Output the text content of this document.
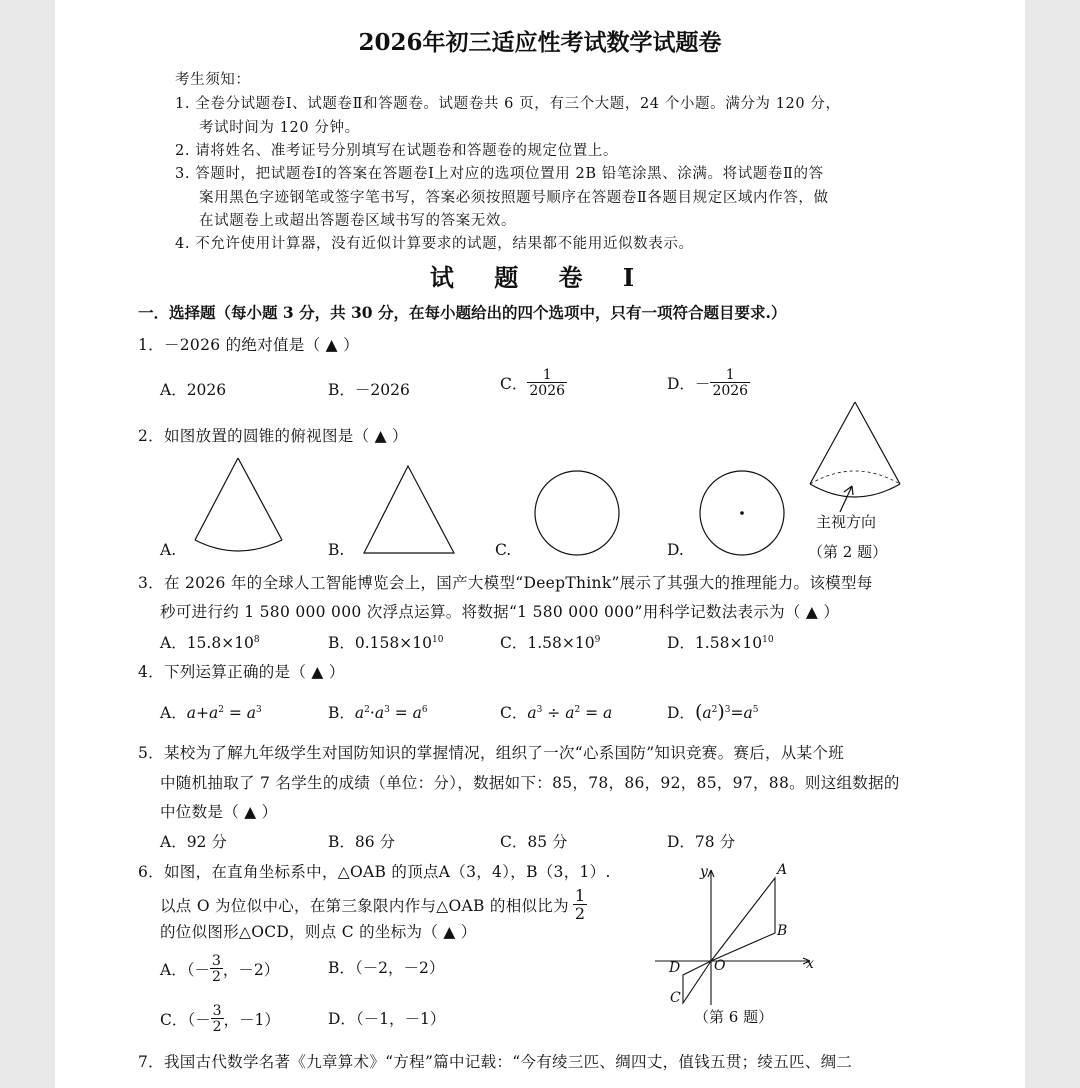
2026年初三适应性考试数学试题卷
考生须知：
1. 全卷分试题卷Ⅰ、试题卷Ⅱ和答题卷。试题卷共 6 页，有三个大题，24 个小题。满分为 120 分，
考试时间为 120 分钟。
2. 请将姓名、准考证号分别填写在试题卷和答题卷的规定位置上。
3. 答题时，把试题卷Ⅰ的答案在答题卷Ⅰ上对应的选项位置用 2B 铅笔涂黑、涂满。将试题卷Ⅱ的答
案用黑色字迹钢笔或签字笔书写，答案必须按照题号顺序在答题卷Ⅱ各题目规定区域内作答，做
在试题卷上或超出答题卷区域书写的答案无效。
4. 不允许使用计算器，没有近似计算要求的试题，结果都不能用近似数表示。
试 题 卷 Ⅰ
一．选择题（每小题 3 分，共 30 分，在每小题给出的四个选项中，只有一项符合题目要求.）
1．－2026 的绝对值是（ ▲ ）
A．2026	B．－2026	C． $\frac{1}{2026}$	D．－ $\frac{1}{2026}$
2．如图放置的圆锥的俯视图是（ ▲ ）
A.	B.	C.	D.
主视方向
（第 2 题）
3．在 2026 年的全球人工智能博览会上，国产大模型“DeepThink”展示了其强大的推理能力。该模型每
秒可进行约 1 580 000 000 次浮点运算。将数据“1 580 000 000”用科学记数法表示为（ ▲ ）
A．$15.8\times 10^8$	B．$0.158\times 10^{10}$	C．$1.58\times 10^9$	D．$1.58\times 10^{10}$
4．下列运算正确的是（ ▲ ）
A．$a+a^2 = a^3$	B．$a^2\cdot a^3 = a^6$	C．$a^3 \div a^2 = a$	D．$(a^2)^3=a^5$
5．某校为了解九年级学生对国防知识的掌握情况，组织了一次“心系国防”知识竞赛。赛后，从某个班
中随机抽取了 7 名学生的成绩（单位：分），数据如下：85，78，86，92，85，97，88。则这组数据的
中位数是（ ▲ ）
A．92 分	B．86 分	C．85 分	D．78 分
6．如图，在直角坐标系中，△OAB 的顶点A（3，4），B（3，1）.
以点 O 为位似中心，在第三象限内作与△OAB 的相似比为 $\frac{1}{2}$
的位似图形△OCD，则点 C 的坐标为（ ▲ ）
A．（－ $\frac{3}{2}$ ，－2）	B．（－2，－2）
C．（－ $\frac{3}{2}$ ，－1）	D．（－1，－1）
y
x
A
B
O
D
C
（第 6 题）
7．我国古代数学名著《九章算术》“方程”篇中记载：“今有绫三匹、绸四丈，值钱五贯；绫五匹、绸二
